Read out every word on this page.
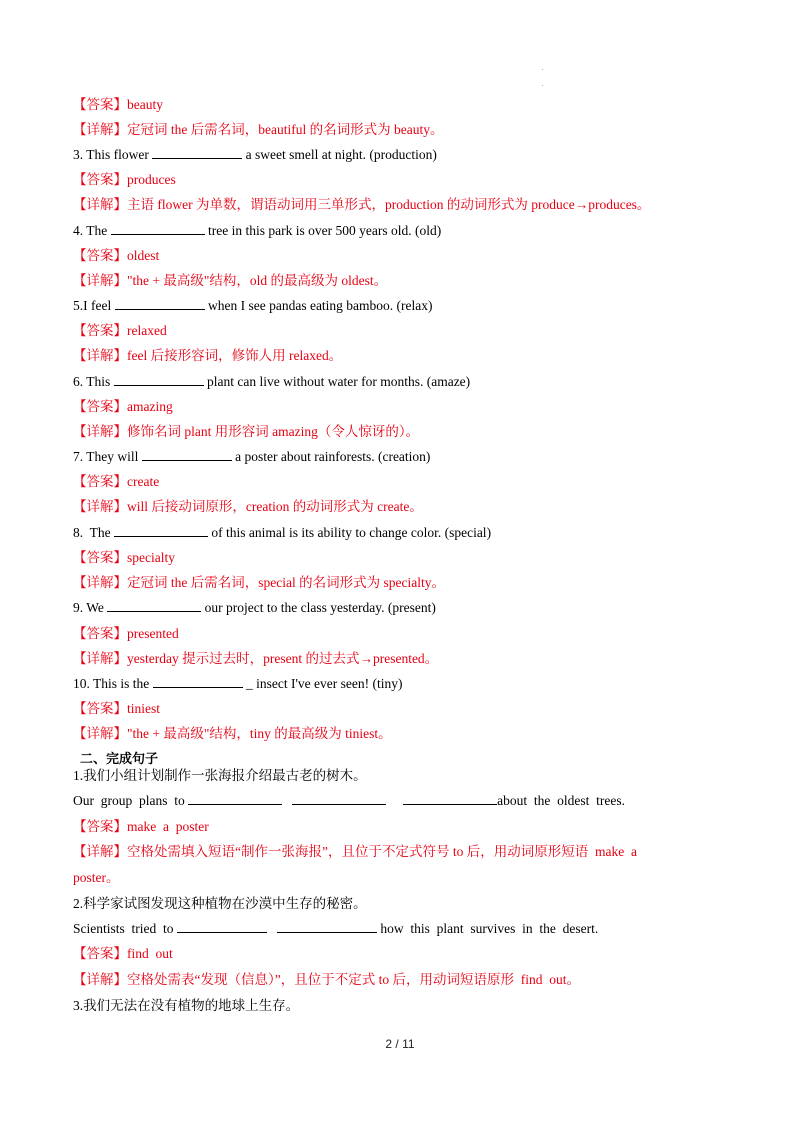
·
·
【答案】beauty
【详解】定冠词 the 后需名词，beautiful 的名词形式为 beauty。
3. This flower	a sweet smell at night. (production)
【答案】produces
【详解】主语 flower 为单数，谓语动词用三单形式，production 的动词形式为 produce→produces。
4. The	tree in this park is over 500 years old. (old)
【答案】oldest
【详解】"the + 最高级"结构，old 的最高级为 oldest。
5.I feel	when I see pandas eating bamboo. (relax)
【答案】relaxed
【详解】feel 后接形容词，修饰人用 relaxed。
6. This	plant can live without water for months. (amaze)
【答案】amazing
【详解】修饰名词 plant 用形容词 amazing（令人惊讶的）。
7. They will	a poster about rainforests. (creation)
【答案】create
【详解】will 后接动词原形，creation 的动词形式为 create。
8.  The	of this animal is its ability to change color. (special)
【答案】specialty
【详解】定冠词 the 后需名词，special 的名词形式为 specialty。
9. We	our project to the class yesterday. (present)
【答案】presented
【详解】yesterday 提示过去时，present 的过去式→presented。
10. This is the	_ insect I've ever seen! (tiny)
【答案】tiniest
【详解】"the + 最高级"结构，tiny 的最高级为 tiniest。
二、完成句子
1.我们小组计划制作一张海报介绍最古老的树木。
Our  group  plans  to	about  the  oldest  trees.
【答案】make  a  poster
【详解】空格处需填入短语“制作一张海报”，且位于不定式符号 to 后，用动词原形短语  make  a
poster。
2.科学家试图发现这种植物在沙漠中生存的秘密。
Scientists  tried  to	how  this  plant  survives  in  the  desert.
【答案】find  out
【详解】空格处需表“发现（信息）”，且位于不定式 to 后，用动词短语原形  find  out。
3.我们无法在没有植物的地球上生存。
2 / 11
